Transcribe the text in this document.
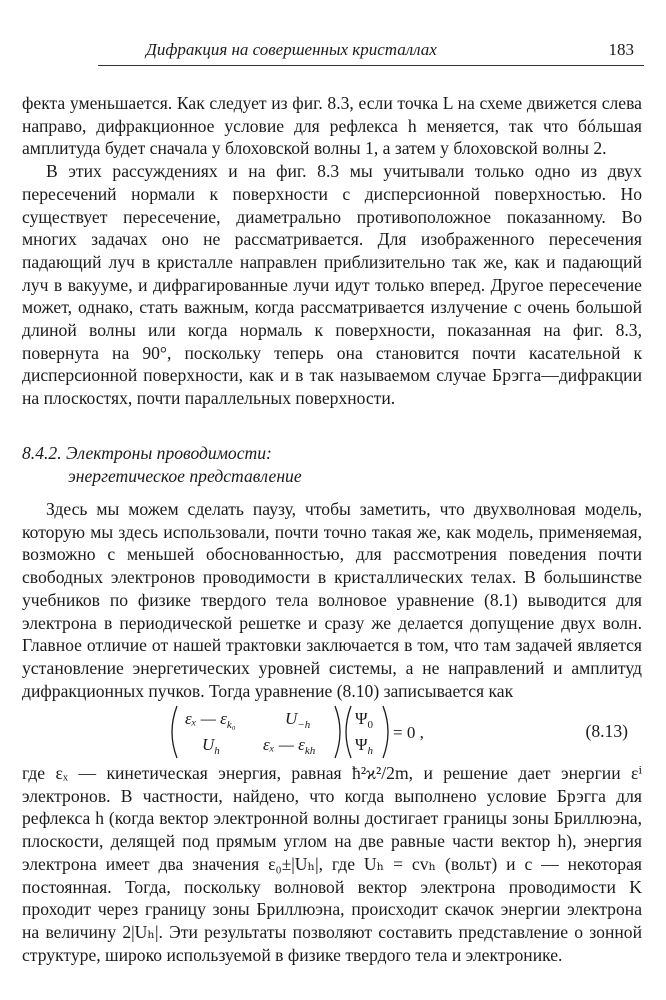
Дифракция на совершенных кристаллах	183

фекта уменьшается. Как следует из фиг. 8.3, если точка L на схеме движется слева направо, дифракционное условие для рефлекса h меняется, так что бóльшая амплитуда будет сначала у блоховской волны 1, а затем у блоховской волны 2.

В этих рассуждениях и на фиг. 8.3 мы учитывали только одно из двух пересечений нормали к поверхности с дисперсионной поверхностью. Но существует пересечение, диаметрально противоположное показанному. Во многих задачах оно не рассматривается. Для изображенного пересечения падающий луч в кристалле направлен приблизительно так же, как и падающий луч в вакууме, и дифрагированные лучи идут только вперед. Другое пересечение может, однако, стать важным, когда рассматривается излучение с очень большой длиной волны или когда нормаль к поверхности, показанная на фиг. 8.3, повернута на 90°, поскольку теперь она становится почти касательной к дисперсионной поверхности, как и в так называемом случае Брэгга—дифракции на плоскостях, почти параллельных поверхности.

8.4.2. Электроны проводимости:
энергетическое представление

Здесь мы можем сделать паузу, чтобы заметить, что двухволновая модель, которую мы здесь использовали, почти точно такая же, как модель, применяемая, возможно с меньшей обоснованностью, для рассмотрения поведения почти свободных электронов проводимости в кристаллических телах. В большинстве учебников по физике твердого тела волновое уравнение (8.1) выводится для электрона в периодической решетке и сразу же делается допущение двух волн. Главное отличие от нашей трактовки заключается в том, что там задачей является установление энергетических уровней системы, а не направлений и амплитуд дифракционных пучков. Тогда уравнение (8.10) записывается как

εₓ — $\varepsilon_{k_0}$	$U_{-h}$
$U_h$	εₓ — $\varepsilon_{kh}$
$\Psi_0$
$\Psi_h$
= 0 ,	(8.13)

где εₓ — кинетическая энергия, равная ħ²ϰ²/2m, и решение дает энергии εⁱ электронов. В частности, найдено, что когда выполнено условие Брэгга для рефлекса h (когда вектор электронной волны достигает границы зоны Бриллюэна, плоскости, делящей под прямым углом на две равные части вектор h), энергия электрона имеет два значения ε₀±|Uₕ|, где Uₕ = cvₕ (вольт) и c — некоторая постоянная. Тогда, поскольку волновой вектор электрона проводимости K проходит через границу зоны Бриллюэна, происходит скачок энергии электрона на величину 2|Uₕ|. Эти результаты позволяют составить представление о зонной структуре, широко используемой в физике твердого тела и электронике.
